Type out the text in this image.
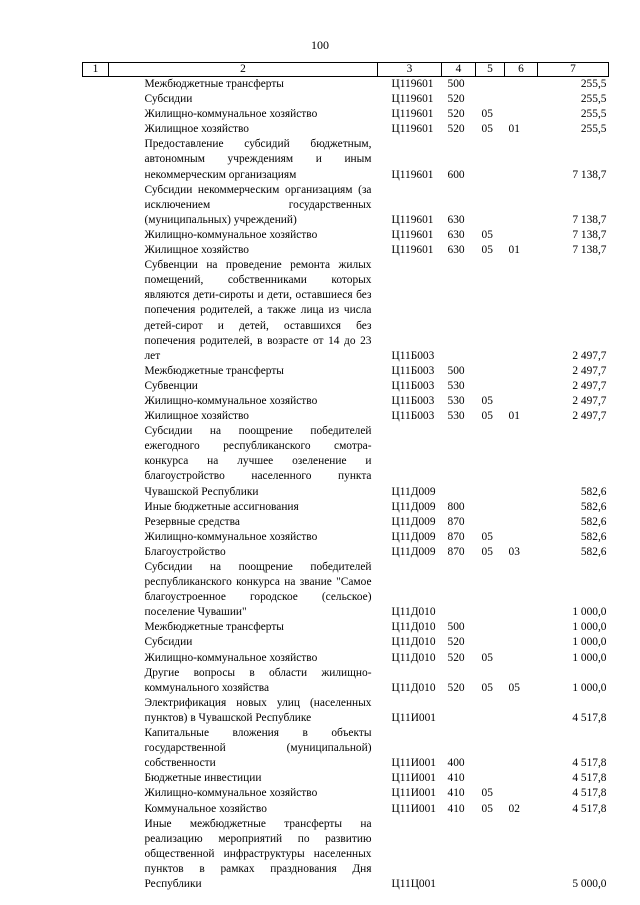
100
1	2	3	4	5	6	7
	Межбюджетные трансферты	Ц119601	500			255,5
	Субсидии	Ц119601	520			255,5
	Жилищно-коммунальное хозяйство	Ц119601	520	05		255,5
	Жилищное хозяйство	Ц119601	520	05	01	255,5
	Предоставление субсидий бюджетным, автономным учреждениям и иным некоммерческим организациям	Ц119601	600			7 138,7
	Субсидии некоммерческим организациям (за исключением государственных (муниципальных) учреждений)	Ц119601	630			7 138,7
	Жилищно-коммунальное хозяйство	Ц119601	630	05		7 138,7
	Жилищное хозяйство	Ц119601	630	05	01	7 138,7
	Субвенции на проведение ремонта жилых помещений, собственниками которых являются дети-сироты и дети, оставшиеся без попечения родителей, а также лица из числа детей-сирот и детей, оставшихся без попечения родителей, в возрасте от 14 до 23 лет	Ц11Б003				2 497,7
	Межбюджетные трансферты	Ц11Б003	500			2 497,7
	Субвенции	Ц11Б003	530			2 497,7
	Жилищно-коммунальное хозяйство	Ц11Б003	530	05		2 497,7
	Жилищное хозяйство	Ц11Б003	530	05	01	2 497,7
	Субсидии на поощрение победителей ежегодного республиканского смотра-конкурса на лучшее озеленение и благоустройство населенного пункта Чувашской Республики	Ц11Д009				582,6
	Иные бюджетные ассигнования	Ц11Д009	800			582,6
	Резервные средства	Ц11Д009	870			582,6
	Жилищно-коммунальное хозяйство	Ц11Д009	870	05		582,6
	Благоустройство	Ц11Д009	870	05	03	582,6
	Субсидии на поощрение победителей республиканского конкурса на звание "Самое благоустроенное городское (сельское) поселение Чувашии"	Ц11Д010				1 000,0
	Межбюджетные трансферты	Ц11Д010	500			1 000,0
	Субсидии	Ц11Д010	520			1 000,0
	Жилищно-коммунальное хозяйство	Ц11Д010	520	05		1 000,0
	Другие вопросы в области жилищно-коммунального хозяйства	Ц11Д010	520	05	05	1 000,0
	Электрификация новых улиц (населенных пунктов) в Чувашской Республике	Ц11И001				4 517,8
	Капитальные вложения в объекты государственной (муниципальной) собственности	Ц11И001	400			4 517,8
	Бюджетные инвестиции	Ц11И001	410			4 517,8
	Жилищно-коммунальное хозяйство	Ц11И001	410	05		4 517,8
	Коммунальное хозяйство	Ц11И001	410	05	02	4 517,8
	Иные межбюджетные трансферты на реализацию мероприятий по развитию общественной инфраструктуры населенных пунктов в рамках празднования Дня Республики	Ц11Ц001				5 000,0
